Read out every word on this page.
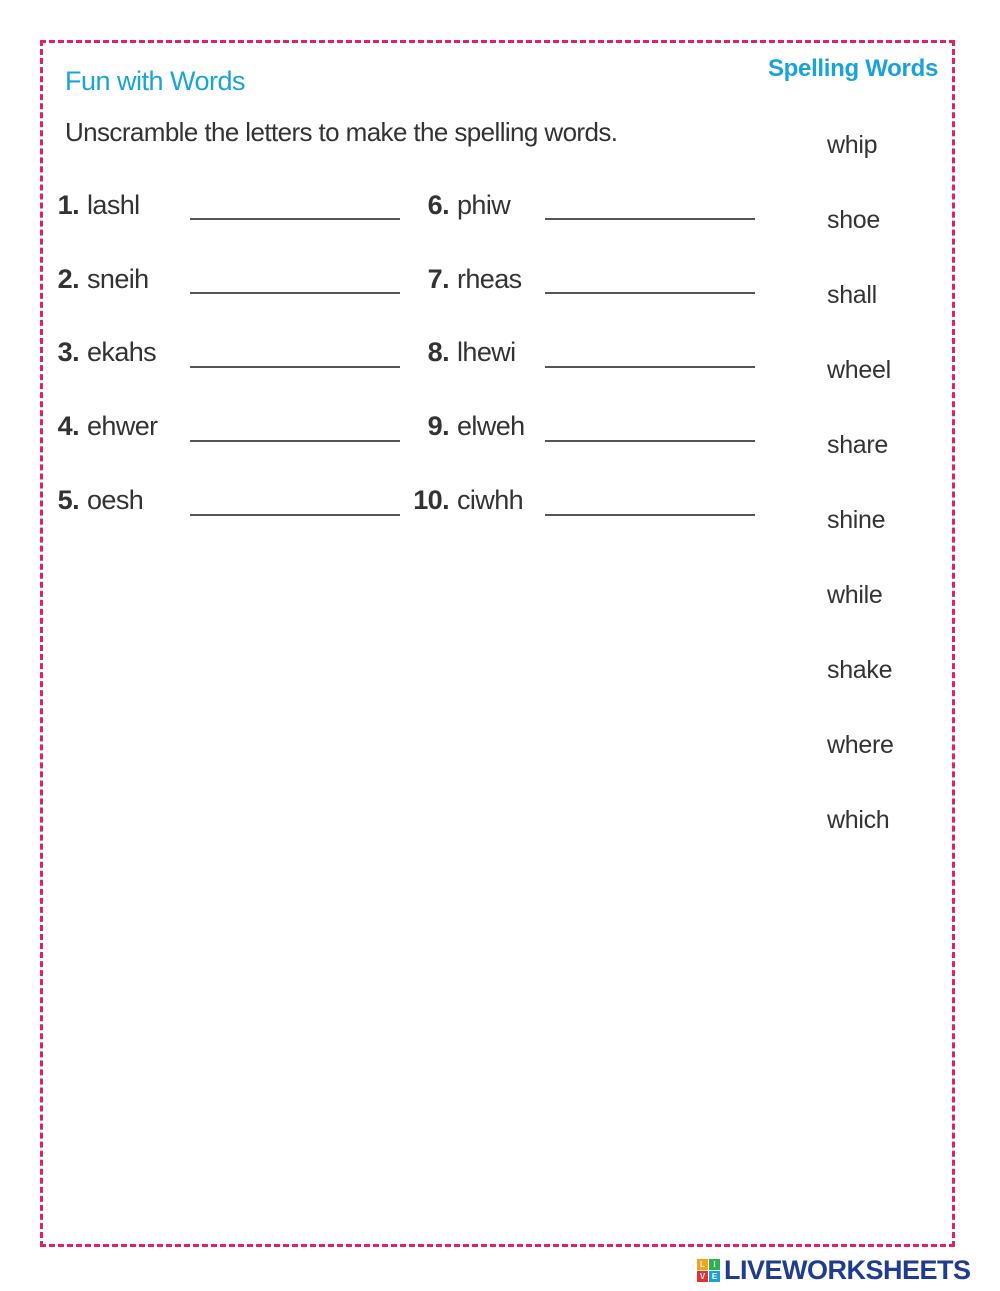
Fun with Words	Spelling Words

Unscramble the letters to make the spelling words.

1. lashl
2. sneih
3. ekahs
4. ehwer
5. oesh
6. phiw
7. rheas
8. lhewi
9. elweh
10. ciwhh
whip
shoe
shall
wheel
share
shine
while
shake
where
which
L	I
V E LIVEWORKSHEETS
